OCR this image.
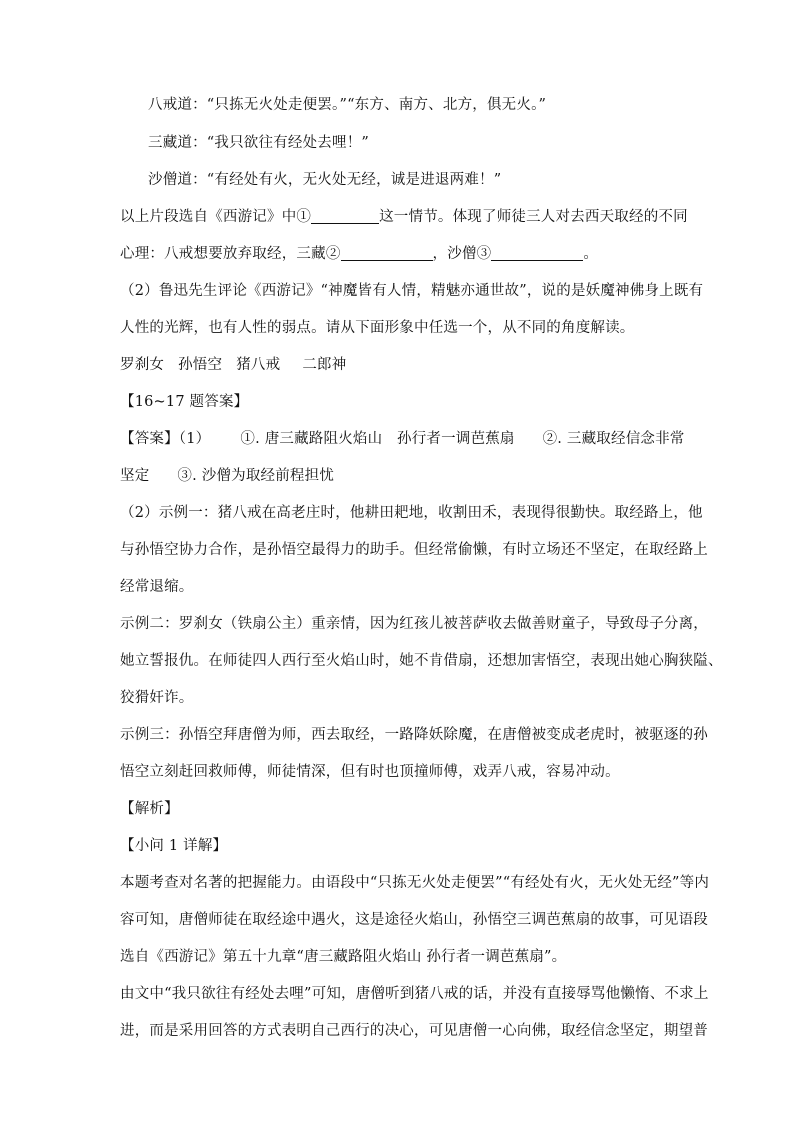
八戒道：“只拣无火处走便罢。”“东方、南方、北方，俱无火。”
三藏道：“我只欲往有经处去哩！”
沙僧道：“有经处有火，无火处无经，诚是进退两难！”
以上片段选自《西游记》中①	这一情节。体现了师徒三人对去西天取经的不同
心理：八戒想要放弃取经，三藏②	，沙僧③	。
（2）鲁迅先生评论《西游记》“神魔皆有人情，精魅亦通世故”，说的是妖魔神佛身上既有
人性的光辉，也有人性的弱点。请从下面形象中任选一个，从不同的角度解读。
罗刹女 孙悟空 猪八戒 二郎神
【16~17 题答案】
【答案】（1） ①. 唐三藏路阻火焰山　孙行者一调芭蕉扇 ②. 三藏取经信念非常
坚定 ③. 沙僧为取经前程担忧
（2）示例一：猪八戒在高老庄时，他耕田耙地，收割田禾，表现得很勤快。取经路上，他
与孙悟空协力合作，是孙悟空最得力的助手。但经常偷懒，有时立场还不坚定，在取经路上
经常退缩。
示例二：罗刹女（铁扇公主）重亲情，因为红孩儿被菩萨收去做善财童子，导致母子分离，
她立誓报仇。在师徒四人西行至火焰山时，她不肯借扇，还想加害悟空，表现出她心胸狭隘、
狡猾奸诈。
示例三：孙悟空拜唐僧为师，西去取经，一路降妖除魔，在唐僧被变成老虎时，被驱逐的孙
悟空立刻赶回救师傅，师徒情深，但有时也顶撞师傅，戏弄八戒，容易冲动。
【解析】
【小问 1 详解】
本题考查对名著的把握能力。由语段中“只拣无火处走便罢”“有经处有火，无火处无经”等内
容可知，唐僧师徒在取经途中遇火，这是途径火焰山，孙悟空三调芭蕉扇的故事，可见语段
选自《西游记》第五十九章“唐三藏路阻火焰山 孙行者一调芭蕉扇”。
由文中“我只欲往有经处去哩”可知，唐僧听到猪八戒的话，并没有直接辱骂他懒惰、不求上
进，而是采用回答的方式表明自己西行的决心，可见唐僧一心向佛，取经信念坚定，期望普
